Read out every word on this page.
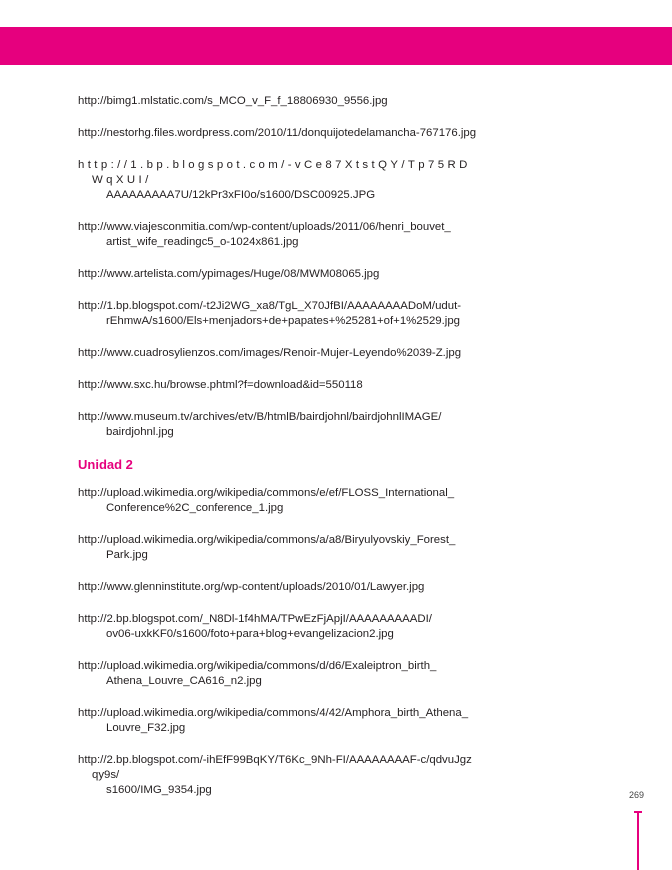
http://bimg1.mlstatic.com/s_MCO_v_F_f_18806930_9556.jpg
http://nestorhg.files.wordpress.com/2010/11/donquijotedelamancha-767176.jpg
http://1.bp.blogspot.com/-vCe87XtstQY/Tp75RDWqXUI/
AAAAAAAAA7U/12kPr3xFI0o/s1600/DSC00925.JPG
http://www.viajesconmitia.com/wp-content/uploads/2011/06/henri_bouvet_
artist_wife_readingc5_o-1024x861.jpg
http://www.artelista.com/ypimages/Huge/08/MWM08065.jpg
http://1.bp.blogspot.com/-t2Ji2WG_xa8/TgL_X70JfBI/AAAAAAAADoM/udut-
rEhmwA/s1600/Els+menjadors+de+papates+%25281+of+1%2529.jpg
http://www.cuadrosylienzos.com/images/Renoir-Mujer-Leyendo%2039-Z.jpg
http://www.sxc.hu/browse.phtml?f=download&id=550118
http://www.museum.tv/archives/etv/B/htmlB/bairdjohnl/bairdjohnlIMAGE/
bairdjohnl.jpg
Unidad 2
http://upload.wikimedia.org/wikipedia/commons/e/ef/FLOSS_International_
Conference%2C_conference_1.jpg
http://upload.wikimedia.org/wikipedia/commons/a/a8/Biryulyovskiy_Forest_
Park.jpg
http://www.glenninstitute.org/wp-content/uploads/2010/01/Lawyer.jpg
http://2.bp.blogspot.com/_N8Dl-1f4hMA/TPwEzFjApjI/AAAAAAAAADI/
ov06-uxkKF0/s1600/foto+para+blog+evangelizacion2.jpg
http://upload.wikimedia.org/wikipedia/commons/d/d6/Exaleiptron_birth_
Athena_Louvre_CA616_n2.jpg
http://upload.wikimedia.org/wikipedia/commons/4/42/Amphora_birth_Athena_
Louvre_F32.jpg
http://2.bp.blogspot.com/-ihEfF99BqKY/T6Kc_9Nh-FI/AAAAAAAAF-c/qdvuJgzqy9s/
s1600/IMG_9354.jpg	269
